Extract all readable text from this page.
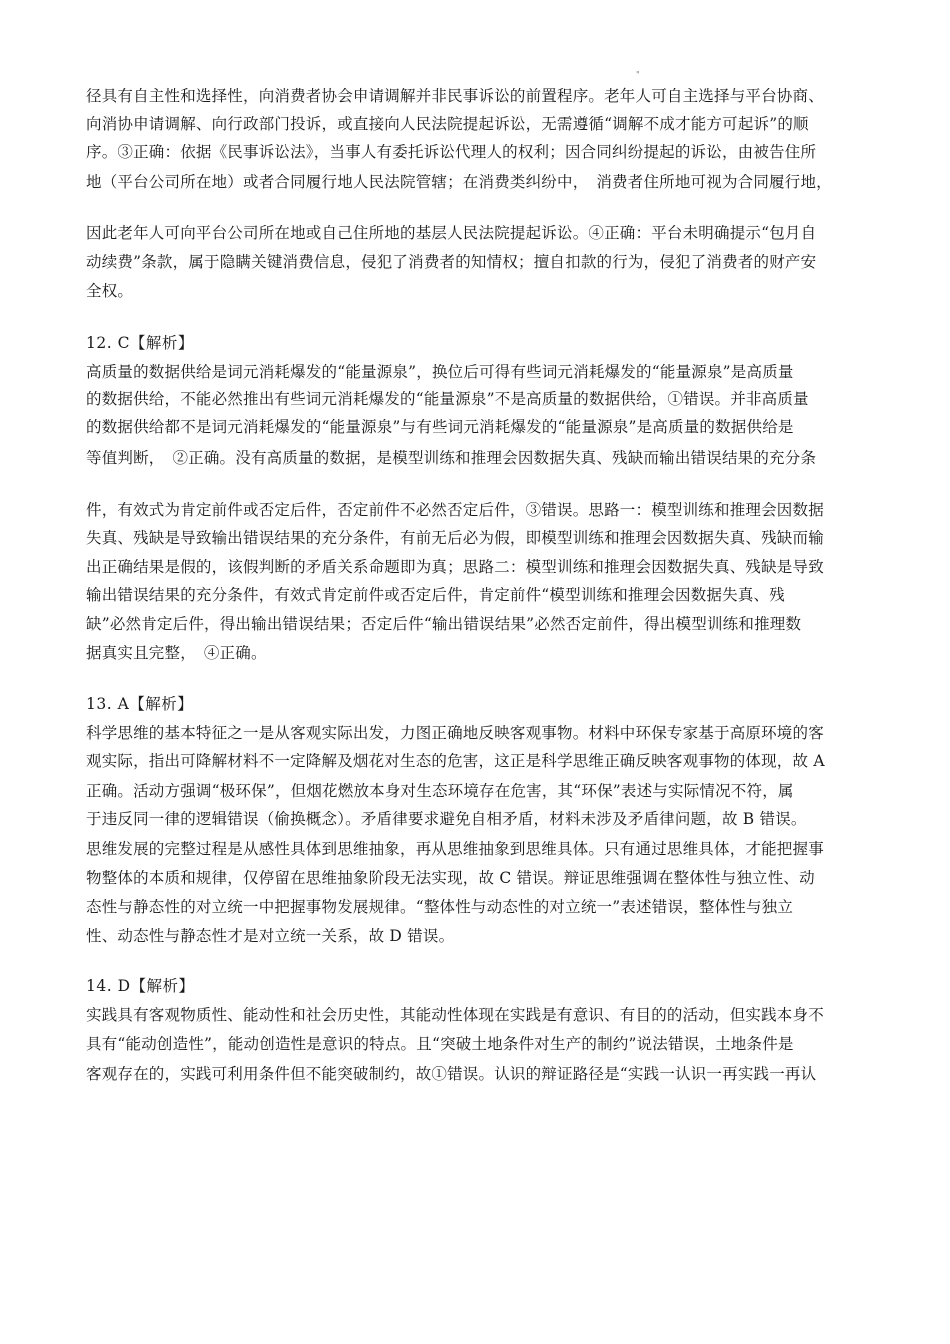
"
径具有自主性和选择性，向消费者协会申请调解并非民事诉讼的前置程序。老年人可自主选择与平台协商、
向消协申请调解、向行政部门投诉，或直接向人民法院提起诉讼，无需遵循“调解不成才能方可起诉”的顺
序。③正确：依据《民事诉讼法》，当事人有委托诉讼代理人的权利；因合同纠纷提起的诉讼，由被告住所
地（平台公司所在地）或者合同履行地人民法院管辖；在消费类纠纷中，　消费者住所地可视为合同履行地，
因此老年人可向平台公司所在地或自己住所地的基层人民法院提起诉讼。④正确：平台未明确提示“包月自
动续费”条款，属于隐瞒关键消费信息，侵犯了消费者的知情权；擅自扣款的行为，侵犯了消费者的财产安
全权。
12. C【解析】
高质量的数据供给是词元消耗爆发的“能量源泉”，换位后可得有些词元消耗爆发的“能量源泉”是高质量
的数据供给，不能必然推出有些词元消耗爆发的“能量源泉”不是高质量的数据供给，①错误。并非高质量
的数据供给都不是词元消耗爆发的“能量源泉”与有些词元消耗爆发的“能量源泉”是高质量的数据供给是
等值判断，　②正确。没有高质量的数据，是模型训练和推理会因数据失真、残缺而输出错误结果的充分条
件，有效式为肯定前件或否定后件，否定前件不必然否定后件，③错误。思路一：模型训练和推理会因数据
失真、残缺是导致输出错误结果的充分条件，有前无后必为假，即模型训练和推理会因数据失真、残缺而输
出正确结果是假的，该假判断的矛盾关系命题即为真；思路二：模型训练和推理会因数据失真、残缺是导致
输出错误结果的充分条件，有效式肯定前件或否定后件，肯定前件“模型训练和推理会因数据失真、残
缺”必然肯定后件，得出输出错误结果；否定后件“输出错误结果”必然否定前件，得出模型训练和推理数
据真实且完整，　④正确。
13. A【解析】
科学思维的基本特征之一是从客观实际出发，力图正确地反映客观事物。材料中环保专家基于高原环境的客
观实际，指出可降解材料不一定降解及烟花对生态的危害，这正是科学思维正确反映客观事物的体现，故 A
正确。活动方强调“极环保”，但烟花燃放本身对生态环境存在危害，其“环保”表述与实际情况不符，属
于违反同一律的逻辑错误（偷换概念）。矛盾律要求避免自相矛盾，材料未涉及矛盾律问题，故 B 错误。
思维发展的完整过程是从感性具体到思维抽象，再从思维抽象到思维具体。只有通过思维具体，才能把握事
物整体的本质和规律，仅停留在思维抽象阶段无法实现，故 C 错误。辩证思维强调在整体性与独立性、动
态性与静态性的对立统一中把握事物发展规律。“整体性与动态性的对立统一”表述错误，整体性与独立
性、动态性与静态性才是对立统一关系，故 D 错误。
14. D【解析】
实践具有客观物质性、能动性和社会历史性，其能动性体现在实践是有意识、有目的的活动，但实践本身不
具有“能动创造性”，能动创造性是意识的特点。且“突破土地条件对生产的制约”说法错误，土地条件是
客观存在的，实践可利用条件但不能突破制约，故①错误。认识的辩证路径是“实践一认识一再实践一再认
